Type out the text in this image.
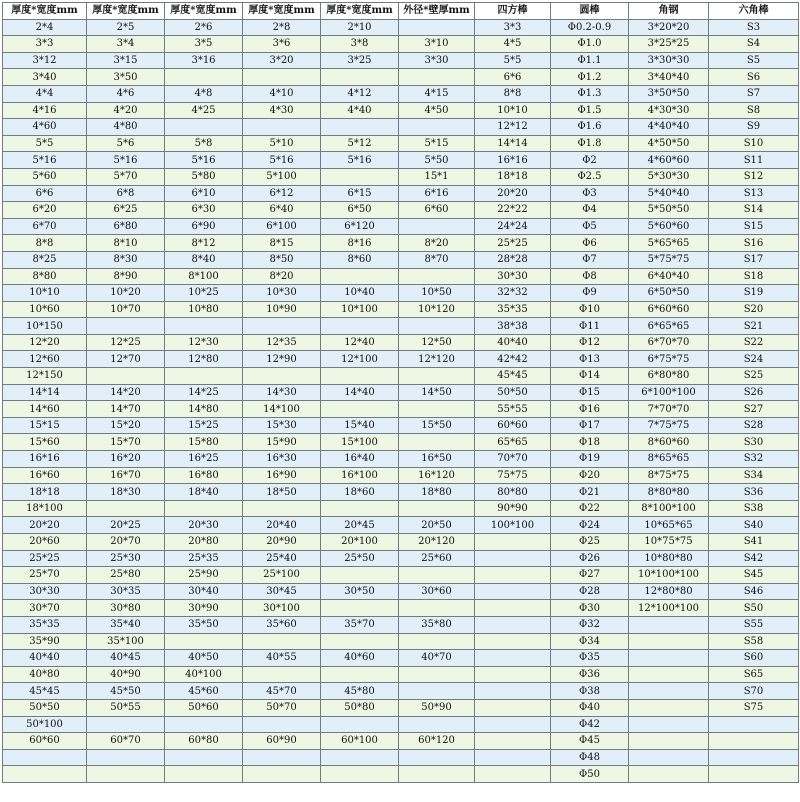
厚度*宽度mm	厚度*宽度mm	厚度*宽度mm	厚度*宽度mm	厚度*宽度mm	外径*壁厚mm	四方棒	圆棒	角钢	六角棒
2*4	2*5	2*6	2*8	2*10		3*3	Φ0.2-0.9	3*20*20	S3
3*3	3*4	3*5	3*6	3*8	3*10	4*5	Φ1.0	3*25*25	S4
3*12	3*15	3*16	3*20	3*25	3*30	5*5	Φ1.1	3*30*30	S5
3*40	3*50					6*6	Φ1.2	3*40*40	S6
4*4	4*6	4*8	4*10	4*12	4*15	8*8	Φ1.3	3*50*50	S7
4*16	4*20	4*25	4*30	4*40	4*50	10*10	Φ1.5	4*30*30	S8
4*60	4*80					12*12	Φ1.6	4*40*40	S9
5*5	5*6	5*8	5*10	5*12	5*15	14*14	Φ1.8	4*50*50	S10
5*16	5*16	5*16	5*16	5*16	5*50	16*16	Φ2	4*60*60	S11
5*60	5*70	5*80	5*100		15*1	18*18	Φ2.5	5*30*30	S12
6*6	6*8	6*10	6*12	6*15	6*16	20*20	Φ3	5*40*40	S13
6*20	6*25	6*30	6*40	6*50	6*60	22*22	Φ4	5*50*50	S14
6*70	6*80	6*90	6*100	6*120		24*24	Φ5	5*60*60	S15
8*8	8*10	8*12	8*15	8*16	8*20	25*25	Φ6	5*65*65	S16
8*25	8*30	8*40	8*50	8*60	8*70	28*28	Φ7	5*75*75	S17
8*80	8*90	8*100	8*20			30*30	Φ8	6*40*40	S18
10*10	10*20	10*25	10*30	10*40	10*50	32*32	Φ9	6*50*50	S19
10*60	10*70	10*80	10*90	10*100	10*120	35*35	Φ10	6*60*60	S20
10*150						38*38	Φ11	6*65*65	S21
12*20	12*25	12*30	12*35	12*40	12*50	40*40	Φ12	6*70*70	S22
12*60	12*70	12*80	12*90	12*100	12*120	42*42	Φ13	6*75*75	S24
12*150						45*45	Φ14	6*80*80	S25
14*14	14*20	14*25	14*30	14*40	14*50	50*50	Φ15	6*100*100	S26
14*60	14*70	14*80	14*100			55*55	Φ16	7*70*70	S27
15*15	15*20	15*25	15*30	15*40	15*50	60*60	Φ17	7*75*75	S28
15*60	15*70	15*80	15*90	15*100		65*65	Φ18	8*60*60	S30
16*16	16*20	16*25	16*30	16*40	16*50	70*70	Φ19	8*65*65	S32
16*60	16*70	16*80	16*90	16*100	16*120	75*75	Φ20	8*75*75	S34
18*18	18*30	18*40	18*50	18*60	18*80	80*80	Φ21	8*80*80	S36
18*100						90*90	Φ22	8*100*100	S38
20*20	20*25	20*30	20*40	20*45	20*50	100*100	Φ24	10*65*65	S40
20*60	20*70	20*80	20*90	20*100	20*120		Φ25	10*75*75	S41
25*25	25*30	25*35	25*40	25*50	25*60		Φ26	10*80*80	S42
25*70	25*80	25*90	25*100				Φ27	10*100*100	S45
30*30	30*35	30*40	30*45	30*50	30*60		Φ28	12*80*80	S46
30*70	30*80	30*90	30*100				Φ30	12*100*100	S50
35*35	35*40	35*50	35*60	35*70	35*80		Φ32		S55
35*90	35*100						Φ34		S58
40*40	40*45	40*50	40*55	40*60	40*70		Φ35		S60
40*80	40*90	40*100					Φ36		S65
45*45	45*50	45*60	45*70	45*80			Φ38		S70
50*50	50*55	50*60	50*70	50*80	50*90		Φ40		S75
50*100							Φ42		
60*60	60*70	60*80	60*90	60*100	60*120		Φ45		
							Φ48		
							Φ50		
